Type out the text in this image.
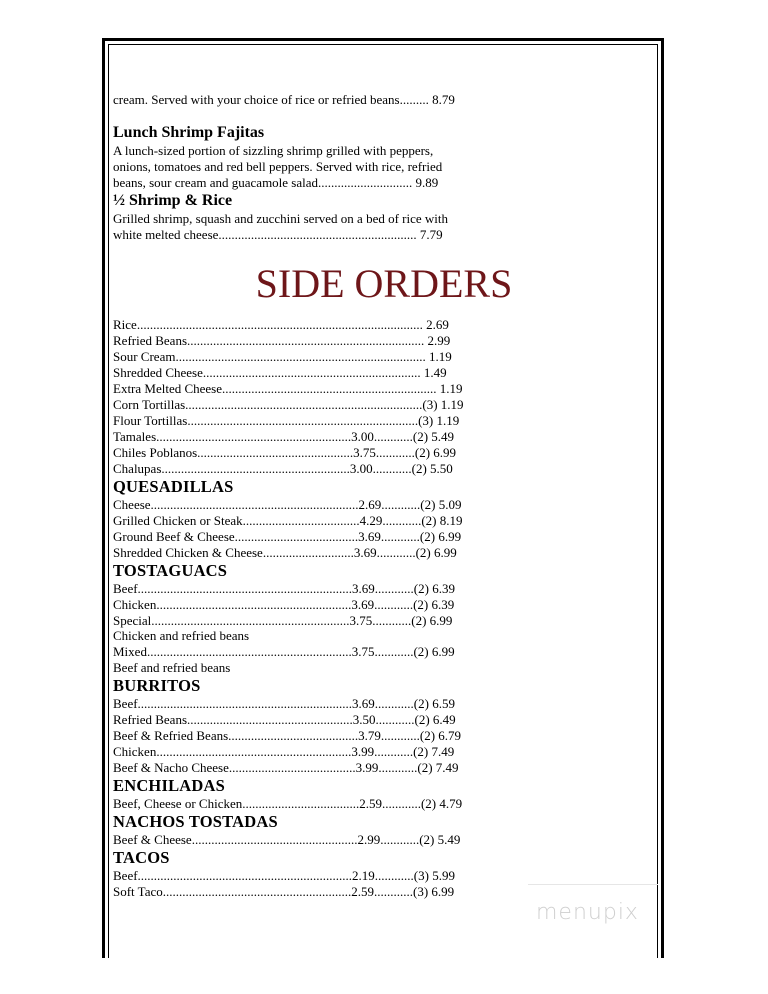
cream. Served with your choice of rice or refried beans......... 8.79
Lunch Shrimp Fajitas
A lunch-sized portion of sizzling shrimp grilled with peppers,
onions, tomatoes and red bell peppers. Served with rice, refried
beans, sour cream and guacamole salad............................. 9.89
½ Shrimp & Rice
Grilled shrimp, squash and zucchini served on a bed of rice with
white melted cheese............................................................. 7.79
SIDE ORDERS
Rice........................................................................................ 2.69
Refried Beans......................................................................... 2.99
Sour Cream............................................................................. 1.19
Shredded Cheese................................................................... 1.49
Extra Melted Cheese.................................................................. 1.19
Corn Tortillas.........................................................................(3) 1.19
Flour Tortillas.......................................................................(3) 1.19
Tamales............................................................3.00............(2) 5.49
Chiles Poblanos................................................3.75............(2) 6.99
Chalupas..........................................................3.00............(2) 5.50
QUESADILLAS
Cheese................................................................2.69............(2) 5.09
Grilled Chicken or Steak....................................4.29............(2) 8.19
Ground Beef & Cheese......................................3.69............(2) 6.99
Shredded Chicken & Cheese............................3.69............(2) 6.99
TOSTAGUACS
Beef..................................................................3.69............(2) 6.39
Chicken............................................................3.69............(2) 6.39
Special.............................................................3.75............(2) 6.99
Chicken and refried beans
Mixed...............................................................3.75............(2) 6.99
Beef and refried beans
BURRITOS
Beef..................................................................3.69............(2) 6.59
Refried Beans...................................................3.50............(2) 6.49
Beef & Refried Beans........................................3.79............(2) 6.79
Chicken............................................................3.99............(2) 7.49
Beef & Nacho Cheese.......................................3.99............(2) 7.49
ENCHILADAS
Beef, Cheese or Chicken....................................2.59............(2) 4.79
NACHOS TOSTADAS
Beef & Cheese...................................................2.99............(2) 5.49
TACOS
Beef..................................................................2.19............(3) 5.99
Soft Taco..........................................................2.59............(3) 6.99
menupix
